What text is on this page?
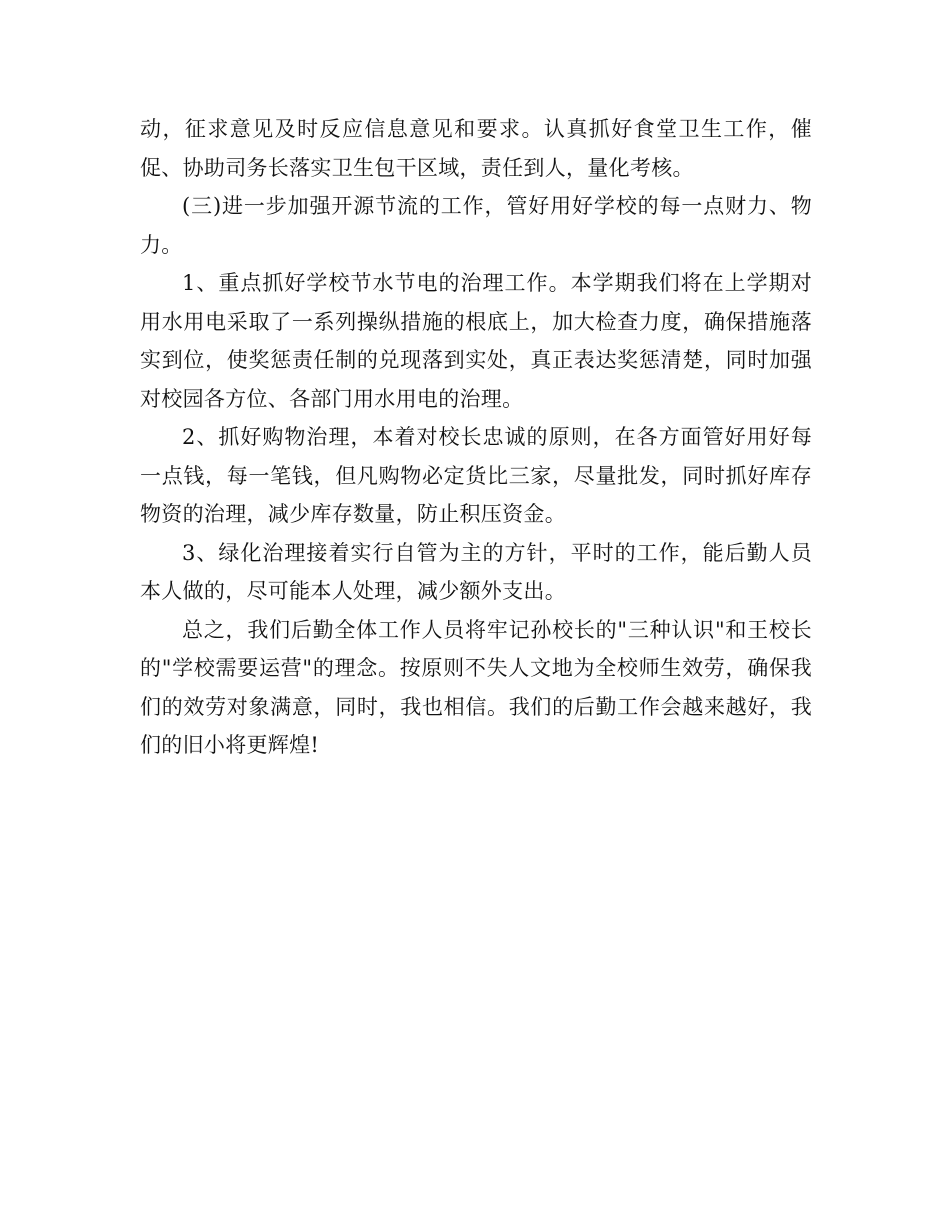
动，征求意见及时反应信息意见和要求。认真抓好食堂卫生工作，催促、协助司务长落实卫生包干区域，责任到人，量化考核。

(三)进一步加强开源节流的工作，管好用好学校的每一点财力、物力。

1、重点抓好学校节水节电的治理工作。本学期我们将在上学期对用水用电采取了一系列操纵措施的根底上，加大检查力度，确保措施落实到位，使奖惩责任制的兑现落到实处，真正表达奖惩清楚，同时加强对校园各方位、各部门用水用电的治理。

2、抓好购物治理，本着对校长忠诚的原则，在各方面管好用好每一点钱，每一笔钱，但凡购物必定货比三家，尽量批发，同时抓好库存物资的治理，减少库存数量，防止积压资金。

3、绿化治理接着实行自管为主的方针，平时的工作，能后勤人员本人做的，尽可能本人处理，减少额外支出。

总之，我们后勤全体工作人员将牢记孙校长的"三种认识"和王校长的"学校需要运营"的理念。按原则不失人文地为全校师生效劳，确保我们的效劳对象满意，同时，我也相信。我们的后勤工作会越来越好，我们的旧小将更辉煌!
